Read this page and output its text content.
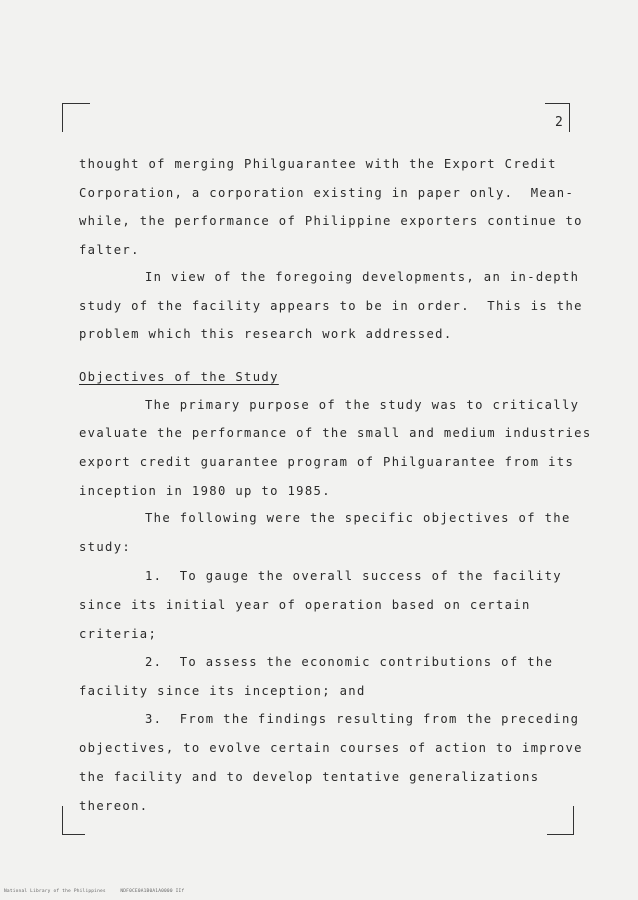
2
thought of merging Philguarantee with the Export Credit
Corporation, a corporation existing in paper only.  Mean-
while, the performance of Philippine exporters continue to
falter.
In view of the foregoing developments, an in-depth
study of the facility appears to be in order.  This is the
problem which this research work addressed.
Objectives of the Study
The primary purpose of the study was to critically
evaluate the performance of the small and medium industries
export credit guarantee program of Philguarantee from its
inception in 1980 up to 1985.
The following were the specific objectives of the
study:
1.  To gauge the overall success of the facility
since its initial year of operation based on certain
criteria;
2.  To assess the economic contributions of the
facility since its inception; and
3.  From the findings resulting from the preceding
objectives, to evolve certain courses of action to improve
the facility and to develop tentative generalizations
thereon.
National Library of the Philippines     NDF0CE0A1B0A1A0000 IIf
